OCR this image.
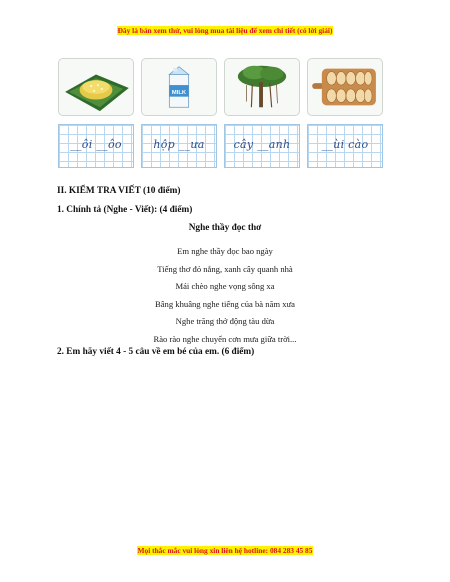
Đây là bản xem thử, vui lòng mua tài liệu để xem chi tiết (có lời giải)
MILK
__ôi __ôo	hộp __ưa	cây __anh	__ùi cào
II. KIỂM TRA VIẾT (10 điểm)
1. Chính tả (Nghe - Viết): (4 điểm)
Nghe thầy đọc thơ
Em nghe thầy đọc bao ngày
Tiếng thơ đỏ nắng, xanh cây quanh nhà
Mái chèo nghe vọng sông xa
Bâng khuâng nghe tiếng của bà năm xưa
Nghe trăng thở động tàu dừa
Rào rào nghe chuyển cơn mưa giữa trời...
2. Em hãy viết 4 - 5 câu về em bé của em. (6 điểm)
Mọi thắc mắc vui lòng xin liên hệ hotline: 084 283 45 85
